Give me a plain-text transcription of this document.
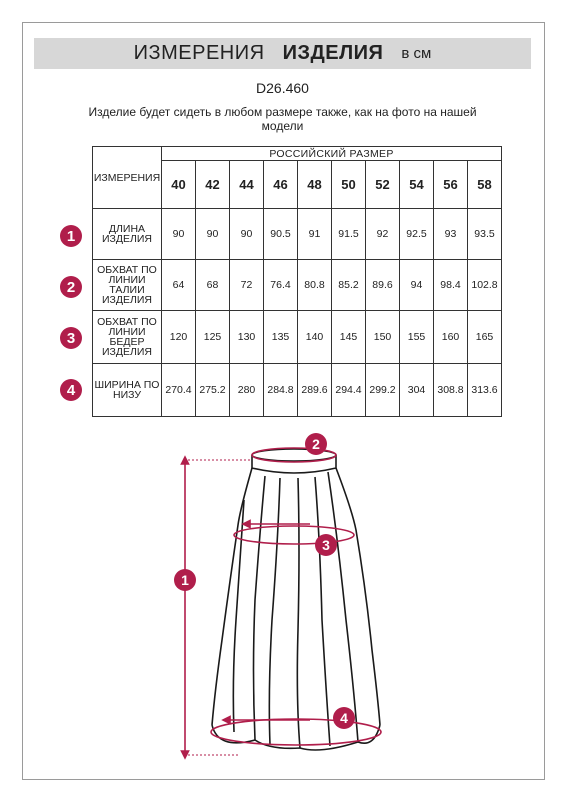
ИЗМЕРЕНИЯ ИЗДЕЛИЯ в см
D26.460
Изделие будет сидеть в любом размере также, как на фото на нашей модели
ИЗМЕРЕНИЯ	РОССИЙСКИЙ РАЗМЕР									
	40	42	44	46	48	50	52	54	56	58
ДЛИНА ИЗДЕЛИЯ	90	90	90	90.5	91	91.5	92	92.5	93	93.5
ОБХВАТ ПО ЛИНИИ ТАЛИИ ИЗДЕЛИЯ	64	68	72	76.4	80.8	85.2	89.6	94	98.4	102.8
ОБХВАТ ПО ЛИНИИ БЕДЕР ИЗДЕЛИЯ	120	125	130	135	140	145	150	155	160	165
ШИРИНА ПО НИЗУ	270.4	275.2	280	284.8	289.6	294.4	299.2	304	308.8	313.6
1
2
3
4
2
3
1
4
